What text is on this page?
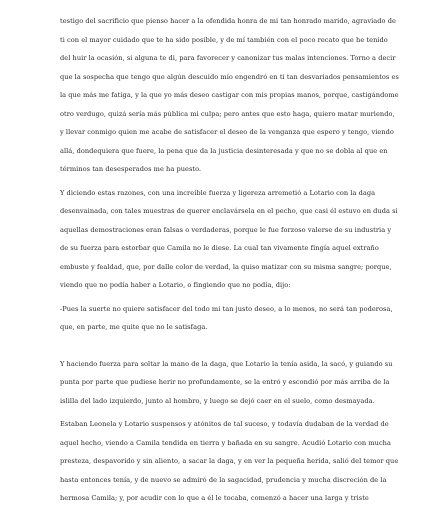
testigo del sacrificio que pienso hacer a la ofendida honra de mi tan honrado marido, agraviado de ti con el mayor cuidado que te ha sido posible, y de mí también con el poco recato que he tenido del huir la ocasión, si alguna te di, para favorecer y canonizar tus malas intenciones. Torno a decir que la sospecha que tengo que algún descuido mío engendró en ti tan desvariados pensamientos es la que más me fatiga, y la que yo más deseo castigar con mis propias manos, porque, castigándome otro verdugo, quizá sería más pública mi culpa; pero antes que esto haga, quiero matar muriendo, y llevar conmigo quien me acabe de satisfacer el deseo de la venganza que espero y tengo, viendo allá, dondequiera que fuere, la pena que da la justicia desinteresada y que no se dobla al que en términos tan desesperados me ha puesto.

Y diciendo estas razones, con una increíble fuerza y ligereza arremetió a Lotario con la daga desenvainada, con tales muestras de querer enclavársela en el pecho, que casi él estuvo en duda si aquellas demostraciones eran falsas o verdaderas, porque le fue forzoso valerse de su industria y de su fuerza para estorbar que Camila no le diese. La cual tan vivamente fingía aquel extraño embuste y fealdad, que, por dalle color de verdad, la quiso matizar con su misma sangre; porque, viendo que no podía haber a Lotario, o fingiendo que no podía, dijo:

-Pues la suerte no quiere satisfacer del todo mi tan justo deseo, a lo menos, no será tan poderosa, que, en parte, me quite que no le satisfaga.

Y haciendo fuerza para soltar la mano de la daga, que Lotario la tenía asida, la sacó, y guiando su punta por parte que pudiese herir no profundamente, se la entró y escondió por más arriba de la islilla del lado izquierdo, junto al hombro, y luego se dejó caer en el suelo, como desmayada.

Estaban Leonela y Lotario suspensos y atónitos de tal suceso, y todavía dudaban de la verdad de aquel hecho, viendo a Camila tendida en tierra y bañada en su sangre. Acudió Lotario con mucha presteza, despavorido y sin aliento, a sacar la daga, y en ver la pequeña herida, salió del temor que hasta entonces tenía, y de nuevo se admiró de la sagacidad, prudencia y mucha discreción de la hermosa Camila; y, por acudir con lo que a él le tocaba, comenzó a hacer una larga y triste
